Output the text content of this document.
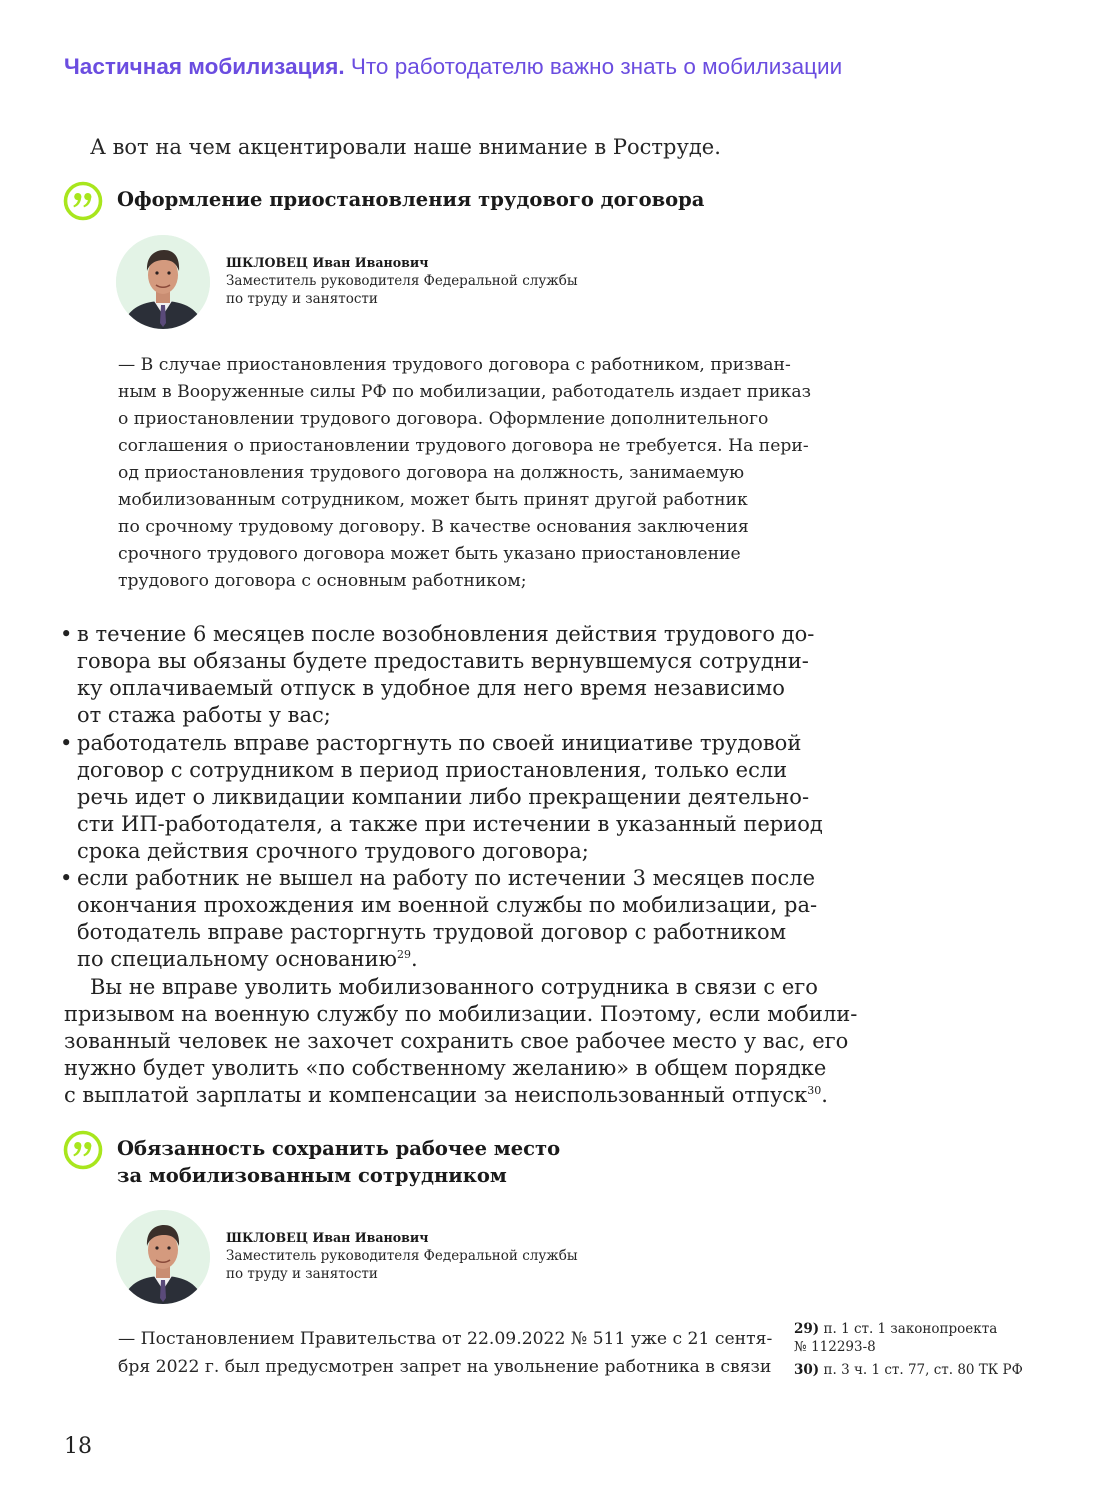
Частичная мобилизация. Что работодателю важно знать о мобилизации
А вот на чем акцентировали наше внимание в Роструде.
Оформление приостановления трудового договора
ШКЛОВЕЦ Иван Иванович
Заместитель руководителя Федеральной службы
по труду и занятости
— В случае приостановления трудового договора с работником, призван-
ным в Вооруженные силы РФ по мобилизации, работодатель издает приказ
о приостановлении трудового договора. Оформление дополнительного
соглашения о приостановлении трудового договора не требуется. На пери-
од приостановления трудового договора на должность, занимаемую
мобилизованным сотрудником, может быть принят другой работник
по срочному трудовому договору. В качестве основания заключения
срочного трудового договора может быть указано приостановление
трудового договора с основным работником;
• в течение 6 месяцев после возобновления действия трудового до-
говора вы обязаны будете предоставить вернувшемуся сотрудни-
ку оплачиваемый отпуск в удобное для него время независимо
от стажа работы у вас;
• работодатель вправе расторгнуть по своей инициативе трудовой
договор с сотрудником в период приостановления, только если
речь идет о ликвидации компании либо прекращении деятельно-
сти ИП-работодателя, а также при истечении в указанный период
срока действия срочного трудового договора;
• если работник не вышел на работу по истечении 3 месяцев после
окончания прохождения им военной службы по мобилизации, ра-
ботодатель вправе расторгнуть трудовой договор с работником
по специальному основанию$^{29}$.
Вы не вправе уволить мобилизованного сотрудника в связи с его
призывом на военную службу по мобилизации. Поэтому, если мобили-
зованный человек не захочет сохранить свое рабочее место у вас, его
нужно будет уволить «по собственному желанию» в общем порядке
с выплатой зарплаты и компенсации за неиспользованный отпуск$^{30}$.
Обязанность сохранить рабочее место
за мобилизованным сотрудником
ШКЛОВЕЦ Иван Иванович
Заместитель руководителя Федеральной службы
по труду и занятости
— Постановлением Правительства от 22.09.2022 № 511 уже с 21 сентя-
бря 2022 г. был предусмотрен запрет на увольнение работника в связи
29) п. 1 ст. 1 законопроекта
№ 112293-8
30) п. 3 ч. 1 ст. 77, ст. 80 ТК РФ
18
